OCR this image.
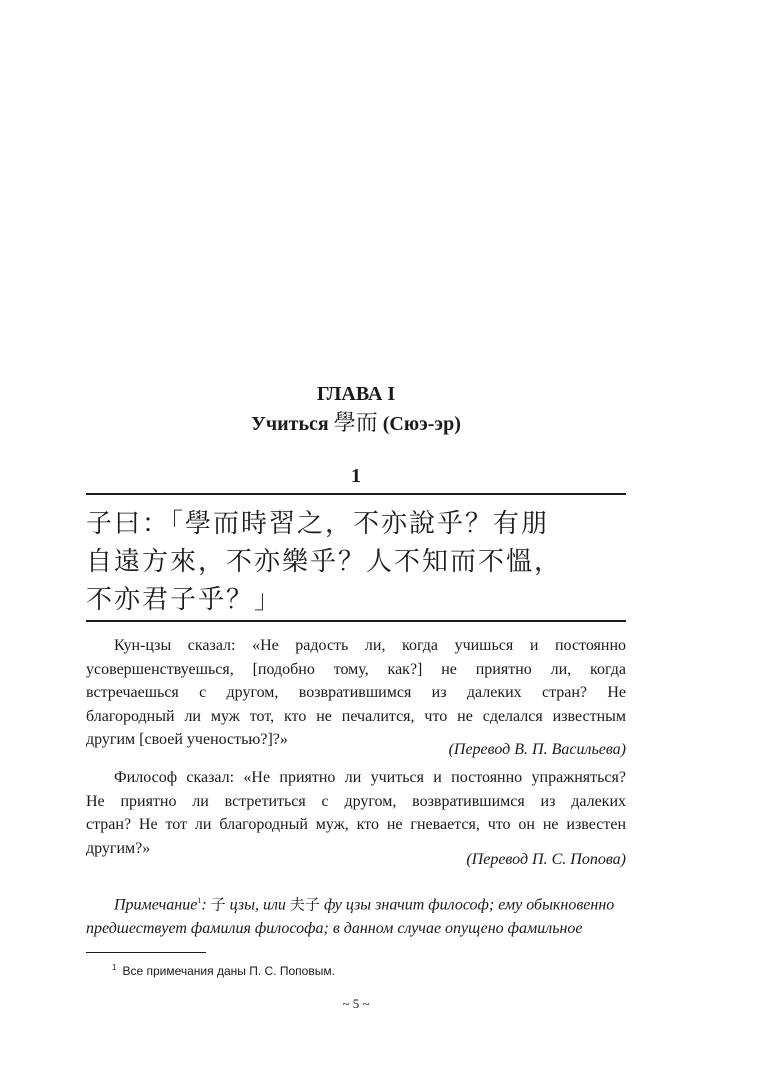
ГЛАВА I
Учиться 學而 (Сюэ-эр)
1
子曰：「學而時習之，不亦說乎？有朋
自遠方來，不亦樂乎？人不知而不慍，
不亦君子乎？」
Кун-цзы сказал: «Не радость ли, когда учишься и постоянно
усовершенствуешься, [подобно тому, как?] не приятно ли, когда
встречаешься с другом, возвратившимся из далеких стран? Не
благородный ли муж тот, кто не печалится, что не сделался известным
другим [своей ученостью?]?»
(Перевод В. П. Васильева)
Философ сказал: «Не приятно ли учиться и постоянно упражняться?
Не приятно ли встретиться с другом, возвратившимся из далеких
стран? Не тот ли благородный муж, кто не гневается, что он не известен
другим?»
(Перевод П. С. Попова)
Примечание$^1$: 子 цзы, или 夫子 фу цзы значит философ; ему обыкновенно
предшествует фамилия философа; в данном случае опущено фамильное
$^1$ Все примечания даны П. С. Поповым.
~ 5 ~
